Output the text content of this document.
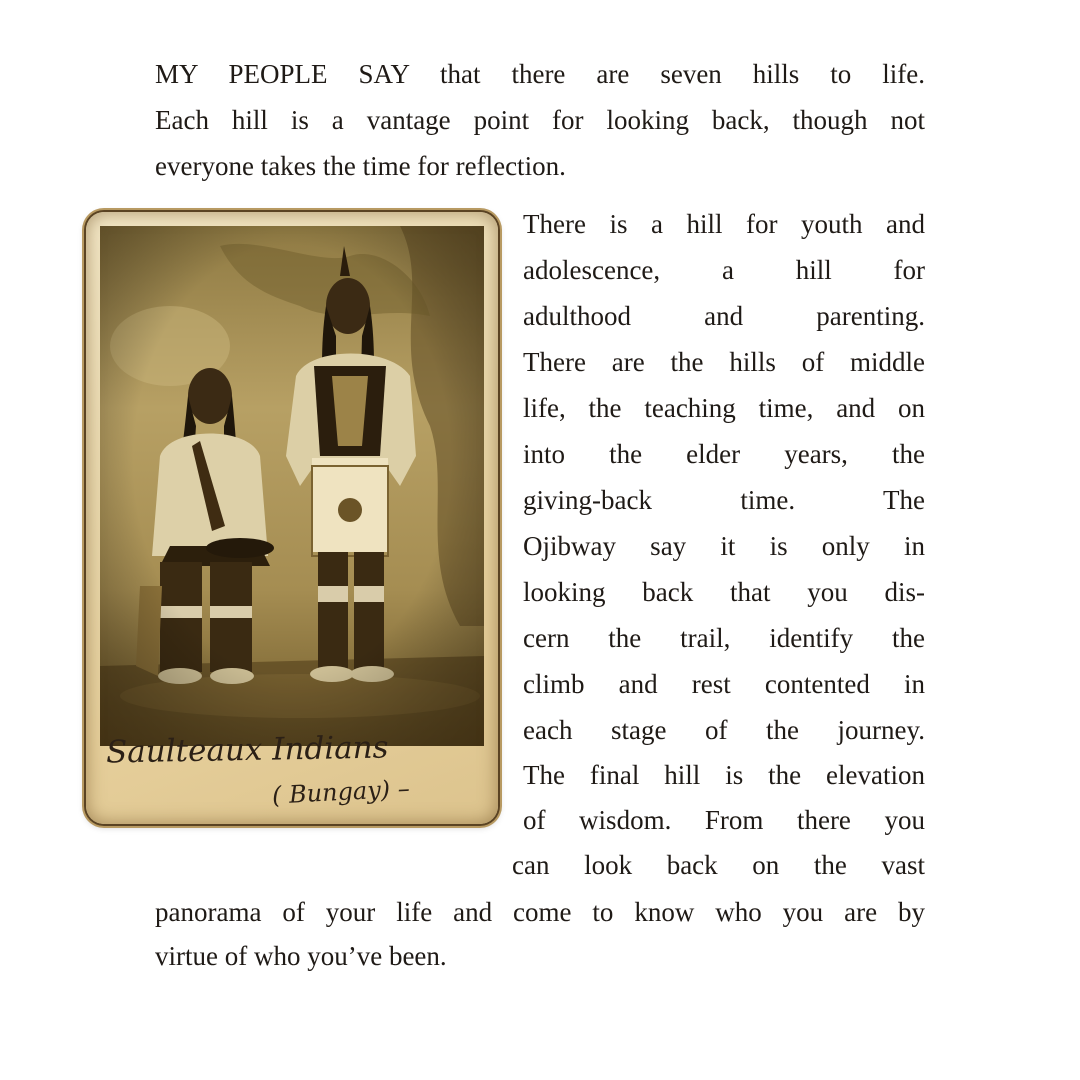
MY PEOPLE SAY that there are seven hills to life.
Each hill is a vantage point for looking back, though not
everyone takes the time for reflection.
Saulteaux Indians
( Bungay) –
There is a hill for youth and
adolescence, a hill for
adulthood and parenting.
There are the hills of middle
life, the teaching time, and on
into the elder years, the
giving-back time. The
Ojibway say it is only in
looking back that you dis-
cern the trail, identify the
climb and rest contented in
each stage of the journey.
The final hill is the elevation
of wisdom. From there you
can look back on the vast
panorama of your life and come to know who you are by
virtue of who you’ve been.
